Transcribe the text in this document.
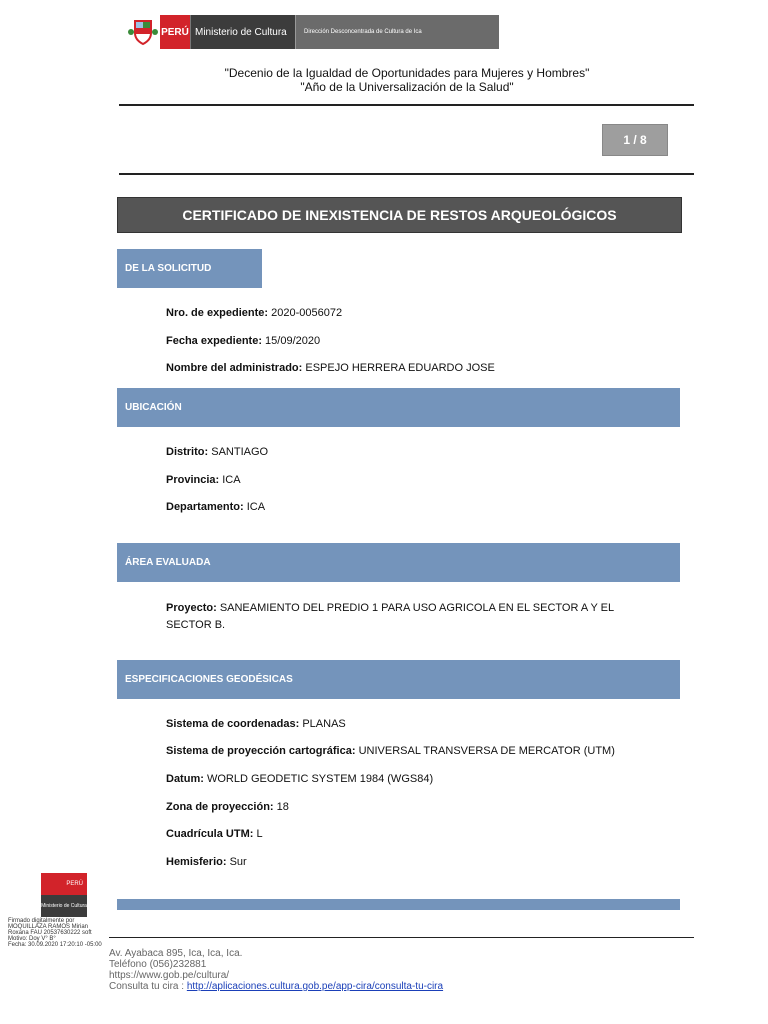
PERÚ Ministerio de Cultura	Dirección Desconcentrada de Cultura de Ica
"Decenio de la Igualdad de Oportunidades para Mujeres y Hombres"
"Año de la Universalización de la Salud"
1 / 8
CERTIFICADO DE INEXISTENCIA DE RESTOS ARQUEOLÓGICOS
DE LA SOLICITUD
Nro. de expediente: 2020-0056072
Fecha expediente: 15/09/2020
Nombre del administrado: ESPEJO HERRERA EDUARDO JOSE
UBICACIÓN
Distrito: SANTIAGO
Provincia: ICA
Departamento: ICA
ÁREA EVALUADA
Proyecto: SANEAMIENTO DEL PREDIO 1 PARA USO AGRICOLA EN EL SECTOR A Y EL
SECTOR B.
ESPECIFICACIONES GEODÉSICAS
Sistema de coordenadas: PLANAS
Sistema de proyección cartográfica: UNIVERSAL TRANSVERSA DE MERCATOR (UTM)
Datum: WORLD GEODETIC SYSTEM 1984 (WGS84)
Zona de proyección: 18
Cuadrícula UTM: L
Hemisferio: Sur
PERÚ
Ministerio de Cultura
Firmado digitalmente por
MOQUILLAZA RAMOS Mirian
Roxana FAU 20537630222 soft
Motivo: Doy V° B°
Fecha: 30.09.2020 17:20:10 -05:00
Av. Ayabaca 895, Ica, Ica, Ica.
Teléfono (056)232881
https://www.gob.pe/cultura/
Consulta tu cira : http://aplicaciones.cultura.gob.pe/app-cira/consulta-tu-cira
